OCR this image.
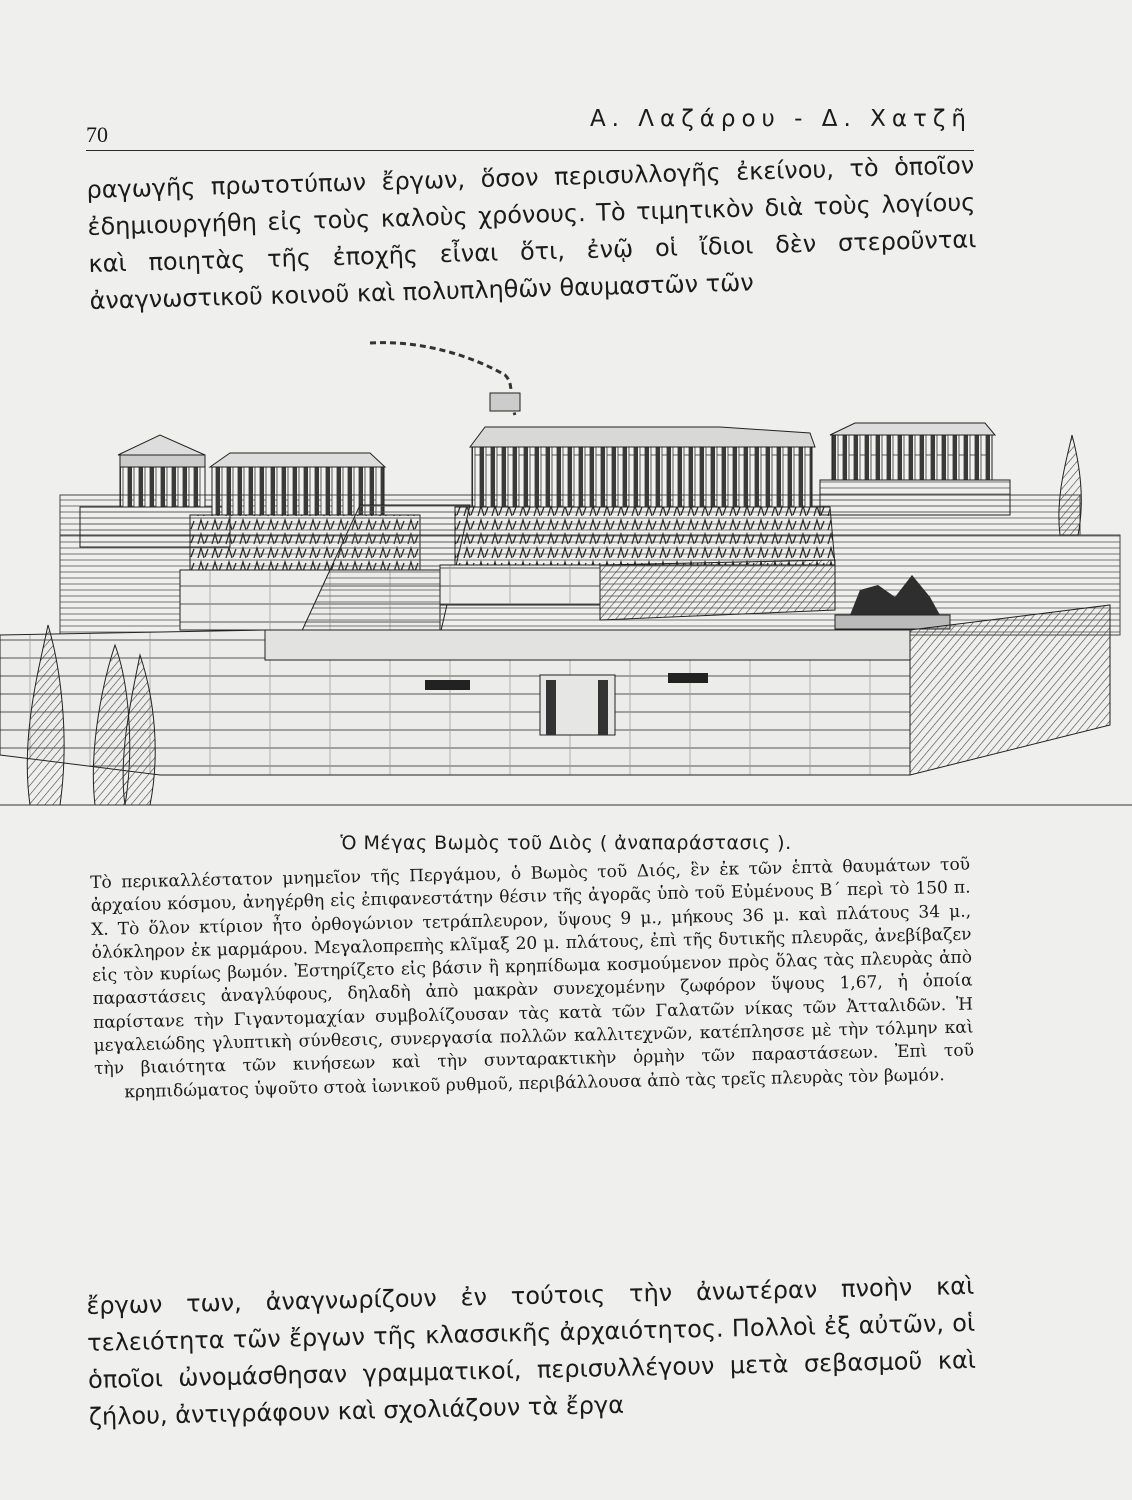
70
Α. Λαζάρου - Δ. Χατζῆ

ραγωγῆς πρωτοτύπων ἔργων, ὅσον περισυλλογῆς ἐκείνου, τὸ ὁποῖον ἐδημιουργήθη εἰς τοὺς καλοὺς χρόνους. Τὸ τιμητικὸν διὰ τοὺς λογίους καὶ ποιητὰς τῆς ἐποχῆς εἶναι ὅτι, ἐνῷ οἱ ἴδιοι δὲν στεροῦνται ἀναγνωστικοῦ κοινοῦ καὶ πολυπληθῶν θαυμαστῶν τῶν

Ὁ Μέγας Βωμὸς τοῦ Διὸς ( ἀναπαράστασις ).

Τὸ περικαλλέστατον μνημεῖον τῆς Περγάμου, ὁ Βωμὸς τοῦ Διός, ἓν ἐκ τῶν ἑπτὰ θαυμάτων τοῦ ἀρχαίου κόσμου, ἀνηγέρθη εἰς ἐπιφανεστάτην θέσιν τῆς ἀγορᾶς ὑπὸ τοῦ Εὐμένους Β΄ περὶ τὸ 150 π. Χ. Τὸ ὅλον κτίριον ἦτο ὀρθογώνιον τετράπλευρον, ὕψους 9 μ., μήκους 36 μ. καὶ πλάτους 34 μ., ὁλόκληρον ἐκ μαρμάρου. Μεγαλοπρεπὴς κλῖμαξ 20 μ. πλάτους, ἐπὶ τῆς δυτικῆς πλευρᾶς, ἀνεβίβαζεν εἰς τὸν κυρίως βωμόν. Ἐστηρίζετο εἰς βάσιν ἢ κρηπίδωμα κοσμούμενον πρὸς ὅλας τὰς πλευρὰς ἀπὸ παραστάσεις ἀναγλύφους, δηλαδὴ ἀπὸ μακρὰν συνεχομένην ζωφόρον ὕψους 1,67, ἡ ὁποία παρίστανε τὴν Γιγαντομαχίαν συμβολίζουσαν τὰς κατὰ τῶν Γαλατῶν νίκας τῶν Ἀτταλιδῶν. Ἡ μεγαλειώδης γλυπτικὴ σύνθεσις, συνεργασία πολλῶν καλλιτεχνῶν, κατέπλησσε μὲ τὴν τόλμην καὶ τὴν βιαιότητα τῶν κινήσεων καὶ τὴν συνταρακτικὴν ὁρμὴν τῶν παραστάσεων. Ἐπὶ τοῦ κρηπιδώματος ὑψοῦτο στοὰ ἰωνικοῦ ρυθμοῦ, περιβάλλουσα ἀπὸ τὰς τρεῖς πλευρὰς τὸν βωμόν.

ἔργων των, ἀναγνωρίζουν ἐν τούτοις τὴν ἀνωτέραν πνοὴν καὶ τελειότητα τῶν ἔργων τῆς κλασσικῆς ἀρχαιότητος. Πολλοὶ ἐξ αὐτῶν, οἱ ὁποῖοι ὠνομάσθησαν γραμματικοί, περισυλλέγουν μετὰ σεβασμοῦ καὶ ζήλου, ἀντιγράφουν καὶ σχολιάζουν τὰ ἔργα
